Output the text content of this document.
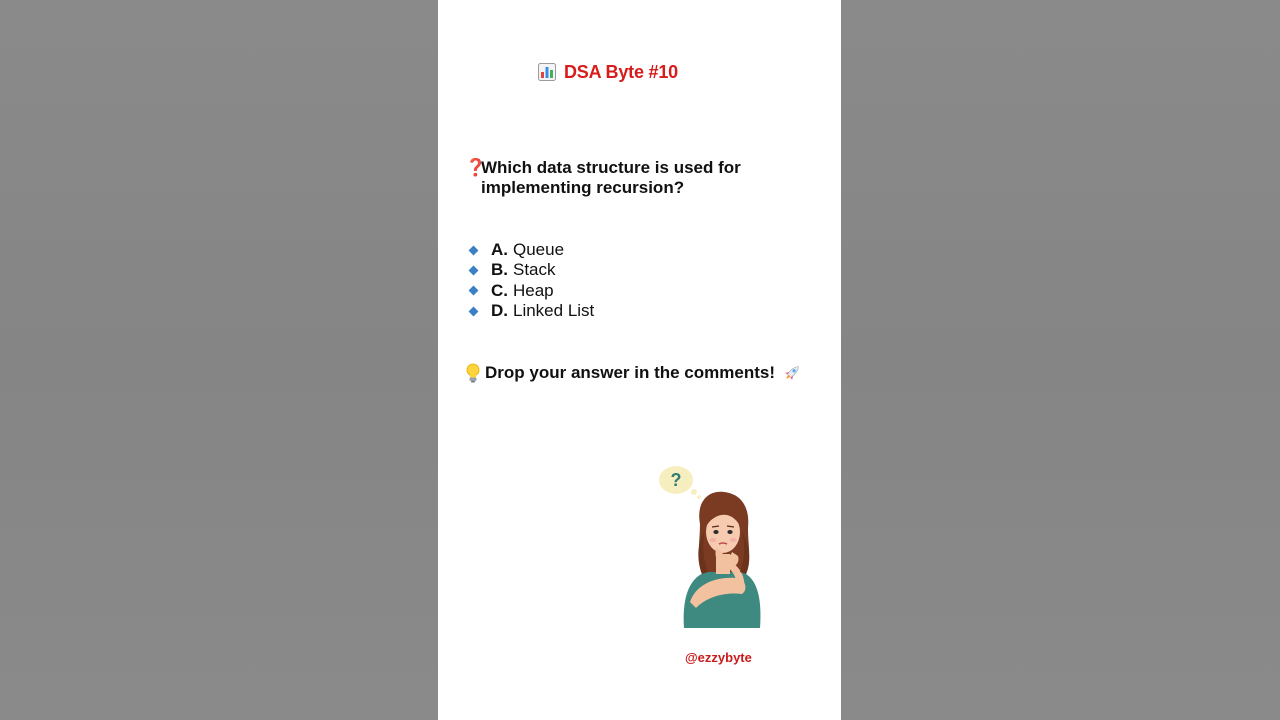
DSA Byte #10
❓Which data structure is used for
implementing recursion?
A. Queue
B. Stack
C. Heap
D. Linked List
Drop your answer in the comments!
?
@ezzybyte
